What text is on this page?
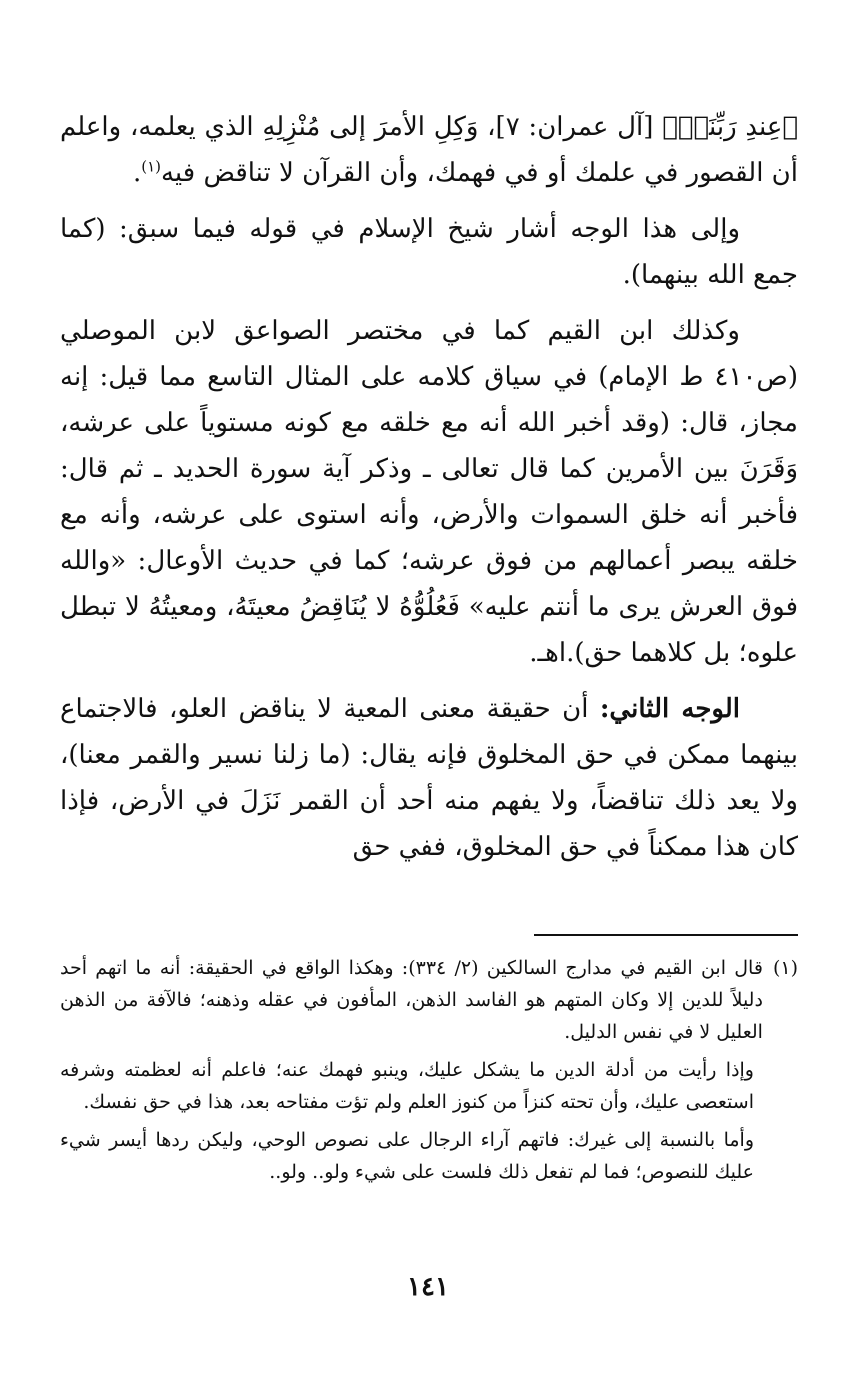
﴿عِندِ رَبِّنَاۗ﴾ [آل عمران: ٧]، وَكِلِ الأمرَ إلى مُنْزِلِهِ الذي يعلمه، واعلم أن القصور في علمك أو في فهمك، وأن القرآن لا تناقض فيه$^{(١)}$.

وإلى هذا الوجه أشار شيخ الإسلام في قوله فيما سبق: (كما جمع الله بينهما).

وكذلك ابن القيم كما في مختصر الصواعق لابن الموصلي (ص٤١٠ ط الإمام) في سياق كلامه على المثال التاسع مما قيل: إنه مجاز، قال: (وقد أخبر الله أنه مع خلقه مع كونه مستوياً على عرشه، وَقَرَنَ بين الأمرين كما قال تعالى ـ وذكر آية سورة الحديد ـ ثم قال: فأخبر أنه خلق السموات والأرض، وأنه استوى على عرشه، وأنه مع خلقه يبصر أعمالهم من فوق عرشه؛ كما في حديث الأوعال: «والله فوق العرش يرى ما أنتم عليه» فَعُلُوُّهُ لا يُنَاقِضُ معيتَهُ، ومعيتُهُ لا تبطل علوه؛ بل كلاهما حق).اهـ.

الوجه الثاني: أن حقيقة معنى المعية لا يناقض العلو، فالاجتماع بينهما ممكن في حق المخلوق فإنه يقال: (ما زلنا نسير والقمر معنا)، ولا يعد ذلك تناقضاً، ولا يفهم منه أحد أن القمر نَزَلَ في الأرض، فإذا كان هذا ممكناً في حق المخلوق، ففي حق

(١)
قال ابن القيم في مدارج السالكين (٢/ ٣٣٤): وهكذا الواقع في الحقيقة: أنه ما اتهم أحد دليلاً للدين إلا وكان المتهم هو الفاسد الذهن، المأفون في عقله وذهنه؛ فالآفة من الذهن العليل لا في نفس الدليل.

وإذا رأيت من أدلة الدين ما يشكل عليك، وينبو فهمك عنه؛ فاعلم أنه لعظمته وشرفه استعصى عليك، وأن تحته كنزاً من كنوز العلم ولم تؤت مفتاحه بعد، هذا في حق نفسك.

وأما بالنسبة إلى غيرك: فاتهم آراء الرجال على نصوص الوحي، وليكن ردها أيسر شيء عليك للنصوص؛ فما لم تفعل ذلك فلست على شيء ولو.. ولو..

١٤١
